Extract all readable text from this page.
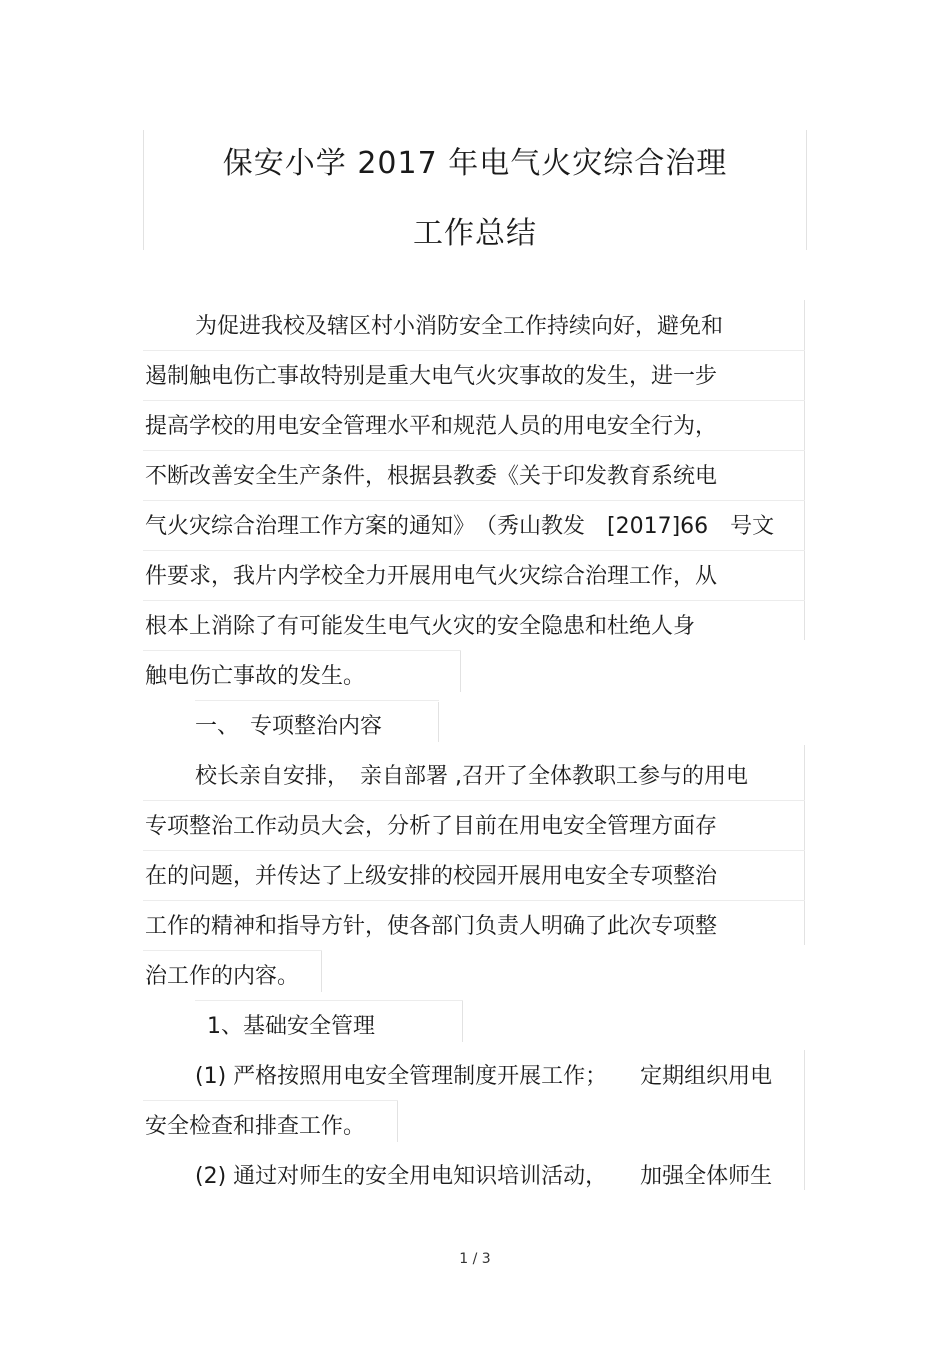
保安小学 2017 年电气火灾综合治理
工作总结
为促进我校及辖区村小消防安全工作持续向好，避免和
遏制触电伤亡事故特别是重大电气火灾事故的发生，进一步
提高学校的用电安全管理水平和规范人员的用电安全行为，
不断改善安全生产条件，根据县教委《关于印发教育系统电
气火灾综合治理工作方案的通知》　（秀山教发　[2017]66　号文
件要求，我片内学校全力开展用电气火灾综合治理工作，从
根本上消除了有可能发生电气火灾的安全隐患和杜绝人身
触电伤亡事故的发生。
一、　专项整治内容
校长亲自安排，　亲自部署 ,召开了全体教职工参与的用电
专项整治工作动员大会，分析了目前在用电安全管理方面存
在的问题，并传达了上级安排的校园开展用电安全专项整治
工作的精神和指导方针，使各部门负责人明确了此次专项整
治工作的内容。
1、基础安全管理
(1) 严格按照用电安全管理制度开展工作；　　定期组织用电
安全检查和排查工作。
(2) 通过对师生的安全用电知识培训活动，　　加强全体师生
1 / 3
